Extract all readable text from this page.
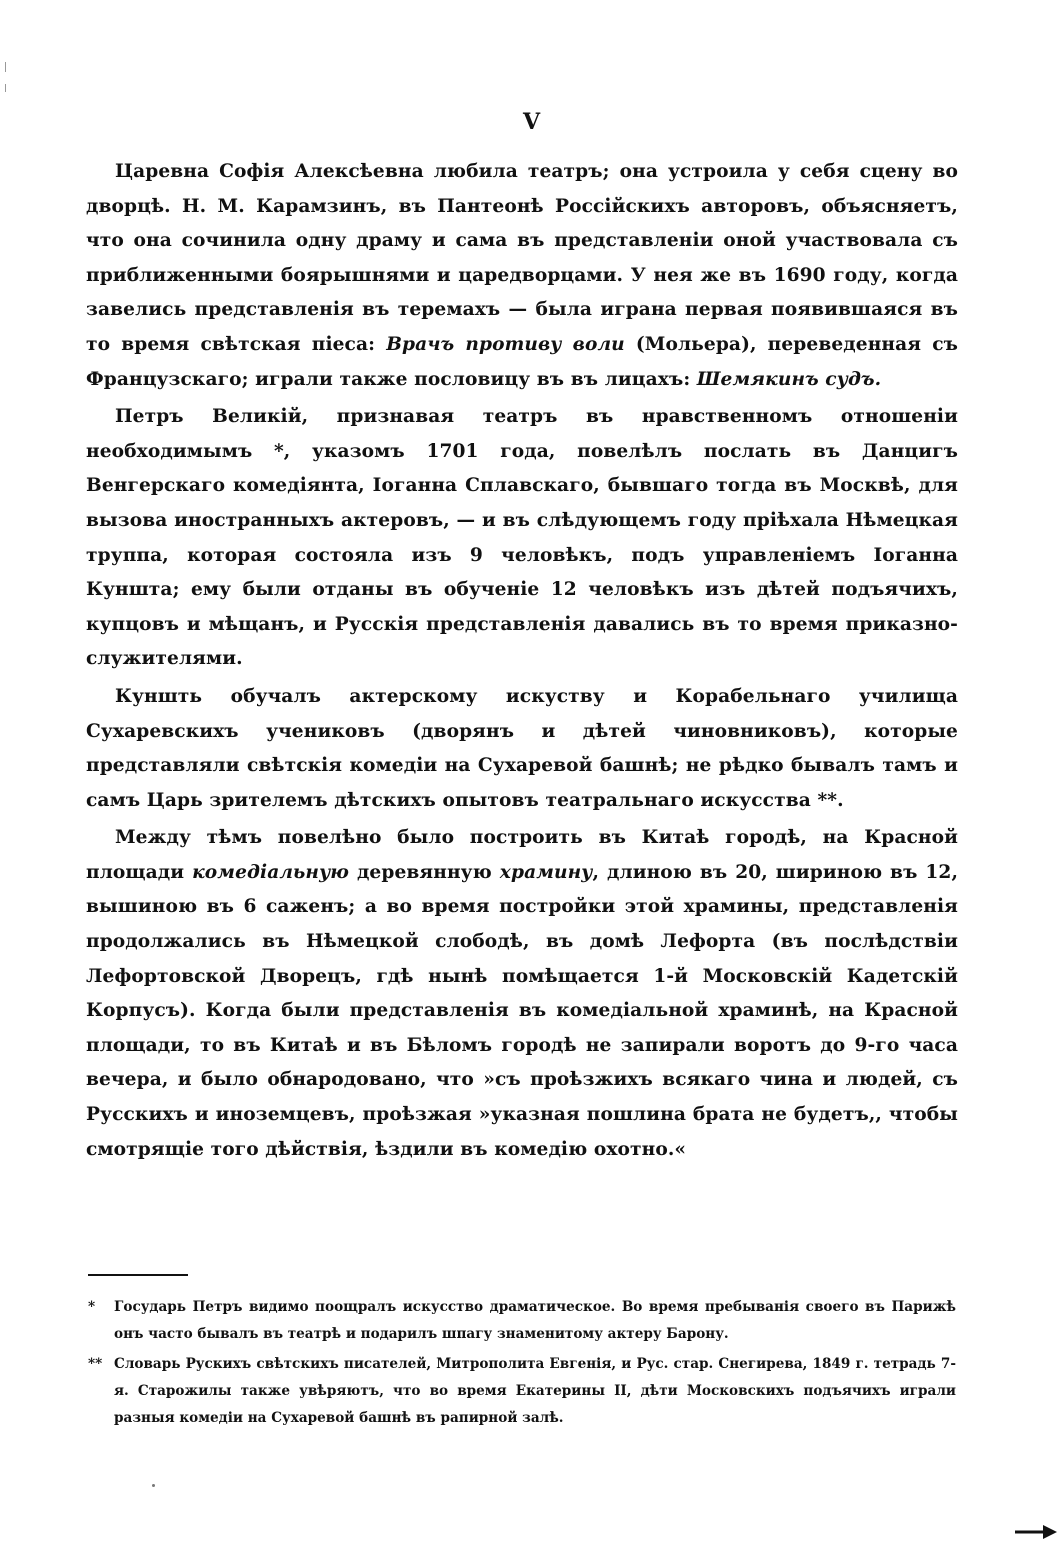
V

Царевна Софія Алексѣевна любила театръ; она устроила у себя сцену во дворцѣ. Н. М. Карамзинъ, въ Пантеонѣ Россійскихъ авторовъ, объясняетъ, что она сочинила одну драму и сама въ представленіи оной участвовала съ приближенными боярышнями и царедворцами. У нея же въ 1690 году, когда завелись представленія въ теремахъ — была играна первая появившаяся въ то время свѣтская піеса: Врачъ противу воли (Мольера), переведенная съ Французскаго; играли также пословицу въ въ лицахъ: Шемякинъ судъ.

Петръ Великій, признавая театръ въ нравственномъ отношеніи необходимымъ *, указомъ 1701 года, повелѣлъ послать въ Данцигъ Венгерскаго комедіянта, Іоганна Сплавскаго, бывшаго тогда въ Москвѣ, для вызова иностранныхъ актеровъ, — и въ слѣдующемъ году пріѣхала Нѣмецкая труппа, которая состояла изъ 9 человѣкъ, подъ управленіемъ Іоганна Куншта; ему были отданы въ обученіе 12 человѣкъ изъ дѣтей подъячихъ, купцовъ и мѣщанъ, и Русскія представленія давались въ то время приказно-служителями.

Куншть обучалъ актерскому искуству и Корабельнаго училища Сухаревскихъ учениковъ (дворянъ и дѣтей чиновниковъ), которые представляли свѣтскія комедіи на Сухаревой башнѣ; не рѣдко бывалъ тамъ и самъ Царь зрителемъ дѣтскихъ опытовъ театральнаго искусства **.

Между тѣмъ повелѣно было построить въ Китаѣ городѣ, на Красной площади комедіальную деревянную храмину, длиною въ 20, шириною въ 12, вышиною въ 6 саженъ; а во время постройки этой храмины, представленія продолжались въ Нѣмецкой слободѣ, въ домѣ Лефорта (въ послѣдствіи Лефортовской Дворецъ, гдѣ нынѣ помѣщается 1-й Московскій Кадетскій Корпусъ). Когда были представленія въ комедіальной храминѣ, на Красной площади, то въ Китаѣ и въ Бѣломъ городѣ не запирали воротъ до 9-го часа вечера, и было обнародовано, что »съ проѣзжихъ всякаго чина и людей, съ Русскихъ и иноземцевъ, проѣзжая »указная пошлина брата не будетъ,, чтобы смотрящіе того дѣйствія, ѣздили въ комедію охотно.«

* Государь Петръ видимо поощралъ искусство драматическое. Во время пребыванія своего въ Парижѣ онъ часто бывалъ въ театрѣ и подарилъ шпагу знаменитому актеру Барону.

** Словарь Рускихъ свѣтскихъ писателей, Митрополита Евгенія, и Рус. стар. Снегирева, 1849 г. тетрадь 7-я. Старожилы также увѣряютъ, что во время Екатерины II, дѣти Московскихъ подъячихъ играли разныя комедіи на Сухаревой башнѣ въ рапирной залѣ.
